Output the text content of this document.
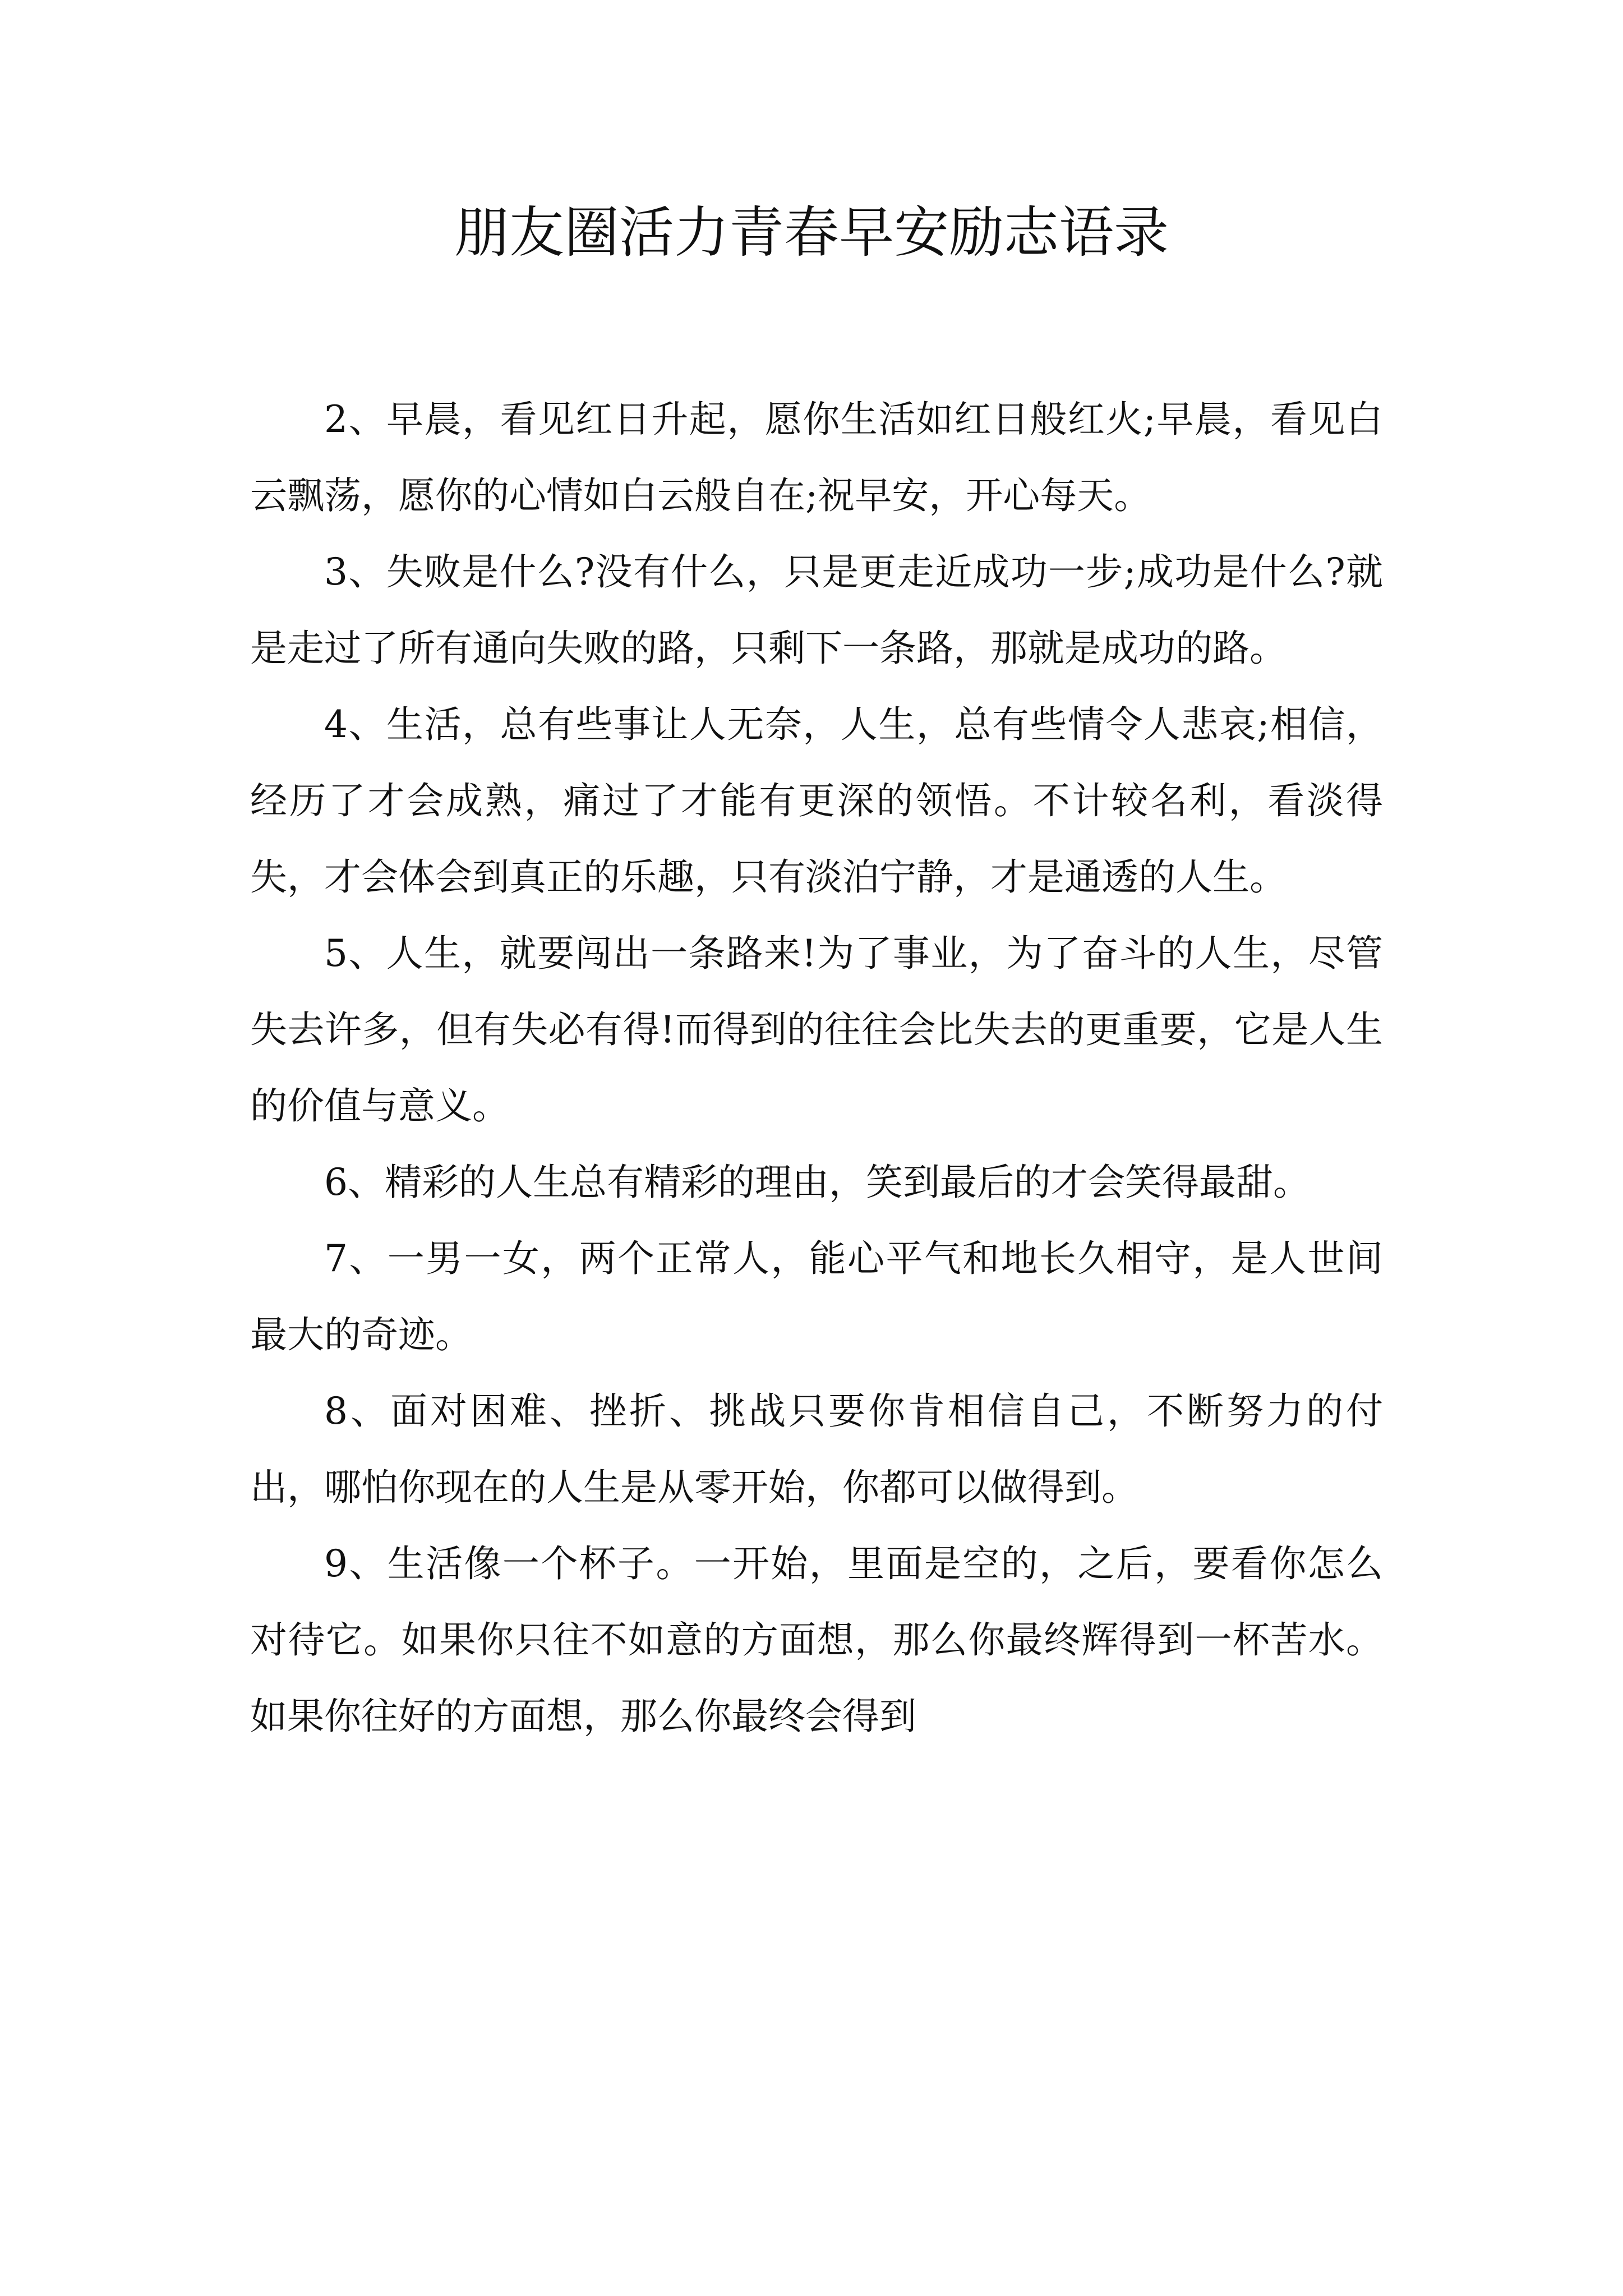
朋友圈活力青春早安励志语录

2、早晨，看见红日升起，愿你生活如红日般红火;早晨，看见白云飘荡，愿你的心情如白云般自在;祝早安，开心每天。

3、失败是什么?没有什么，只是更走近成功一步;成功是什么?就是走过了所有通向失败的路，只剩下一条路，那就是成功的路。

4、生活，总有些事让人无奈，人生，总有些情令人悲哀;相信，经历了才会成熟，痛过了才能有更深的领悟。不计较名利，看淡得失，才会体会到真正的乐趣，只有淡泊宁静，才是通透的人生。

5、人生，就要闯出一条路来!为了事业，为了奋斗的人生，尽管失去许多，但有失必有得!而得到的往往会比失去的更重要，它是人生的价值与意义。

6、精彩的人生总有精彩的理由，笑到最后的才会笑得最甜。

7、一男一女，两个正常人，能心平气和地长久相守，是人世间最大的奇迹。

8、面对困难、挫折、挑战只要你肯相信自己，不断努力的付出，哪怕你现在的人生是从零开始，你都可以做得到。

9、生活像一个杯子。一开始，里面是空的，之后，要看你怎么对待它。如果你只往不如意的方面想，那么你最终辉得到一杯苦水。如果你往好的方面想，那么你最终会得到
